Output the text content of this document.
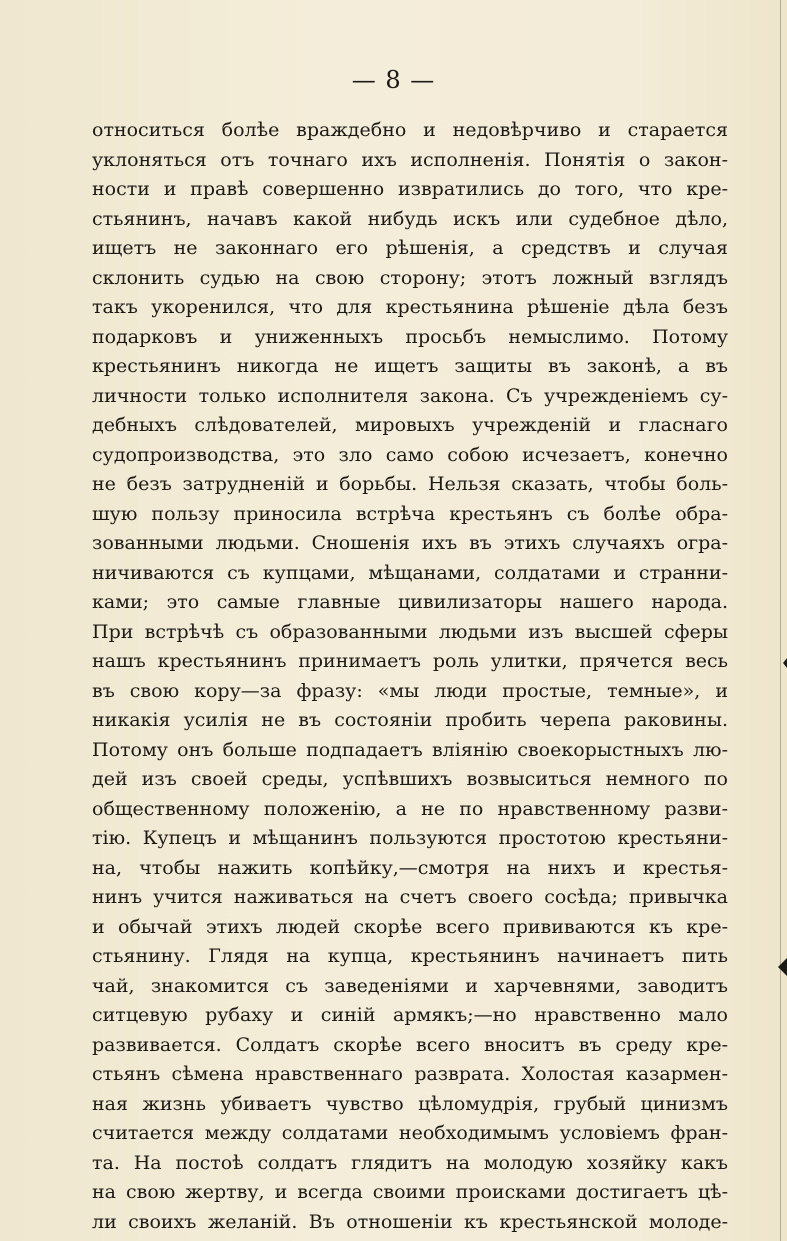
— 8 —
относиться болѣе враждебно и недовѣрчиво и старается
уклоняться отъ точнаго ихъ исполненія. Понятія о закон-
ности и правѣ совершенно извратились до того, что кре-
стьянинъ, начавъ какой нибудь искъ или судебное дѣло,
ищетъ не законнаго его рѣшенія, а средствъ и случая
склонить судью на свою сторону; этотъ ложный взглядъ
такъ укоренился, что для крестьянина рѣшеніе дѣла безъ
подарковъ и униженныхъ просьбъ немыслимо. Потому
крестьянинъ никогда не ищетъ защиты въ законѣ, а въ
личности только исполнителя закона. Съ учрежденіемъ су-
дебныхъ слѣдователей, мировыхъ учрежденій и гласнаго
судопроизводства, это зло само собою исчезаетъ, конечно
не безъ затрудненій и борьбы. Нельзя сказать, чтобы боль-
шую пользу приносила встрѣча крестьянъ съ болѣе обра-
зованными людьми. Сношенія ихъ въ этихъ случаяхъ огра-
ничиваются съ купцами, мѣщанами, солдатами и странни-
ками; это самые главные цивилизаторы нашего народа.
При встрѣчѣ съ образованными людьми изъ высшей сферы
нашъ крестьянинъ принимаетъ роль улитки, прячется весь
въ свою кору—за фразу: «мы люди простые, темные», и
никакія усилія не въ состояніи пробить черепа раковины.
Потому онъ больше подпадаетъ вліянію своекорыстныхъ лю-
дей изъ своей среды, успѣвшихъ возвыситься немного по
общественному положенію, а не по нравственному разви-
тію. Купецъ и мѣщанинъ пользуются простотою крестьяни-
на, чтобы нажить копѣйку,—смотря на нихъ и крестья-
нинъ учится наживаться на счетъ своего сосѣда; привычка
и обычай этихъ людей скорѣе всего прививаются къ кре-
стьянину. Глядя на купца, крестьянинъ начинаетъ пить
чай, знакомится съ заведеніями и харчевнями, заводитъ
ситцевую рубаху и синій армякъ;—но нравственно мало
развивается. Солдатъ скорѣе всего вноситъ въ среду кре-
стьянъ сѣмена нравственнаго разврата. Холостая казармен-
ная жизнь убиваетъ чувство цѣломудрія, грубый цинизмъ
считается между солдатами необходимымъ условіемъ фран-
та. На постоѣ солдатъ глядитъ на молодую хозяйку какъ
на свою жертву, и всегда своими происками достигаетъ цѣ-
ли своихъ желаній. Въ отношеніи къ крестьянской молоде-
